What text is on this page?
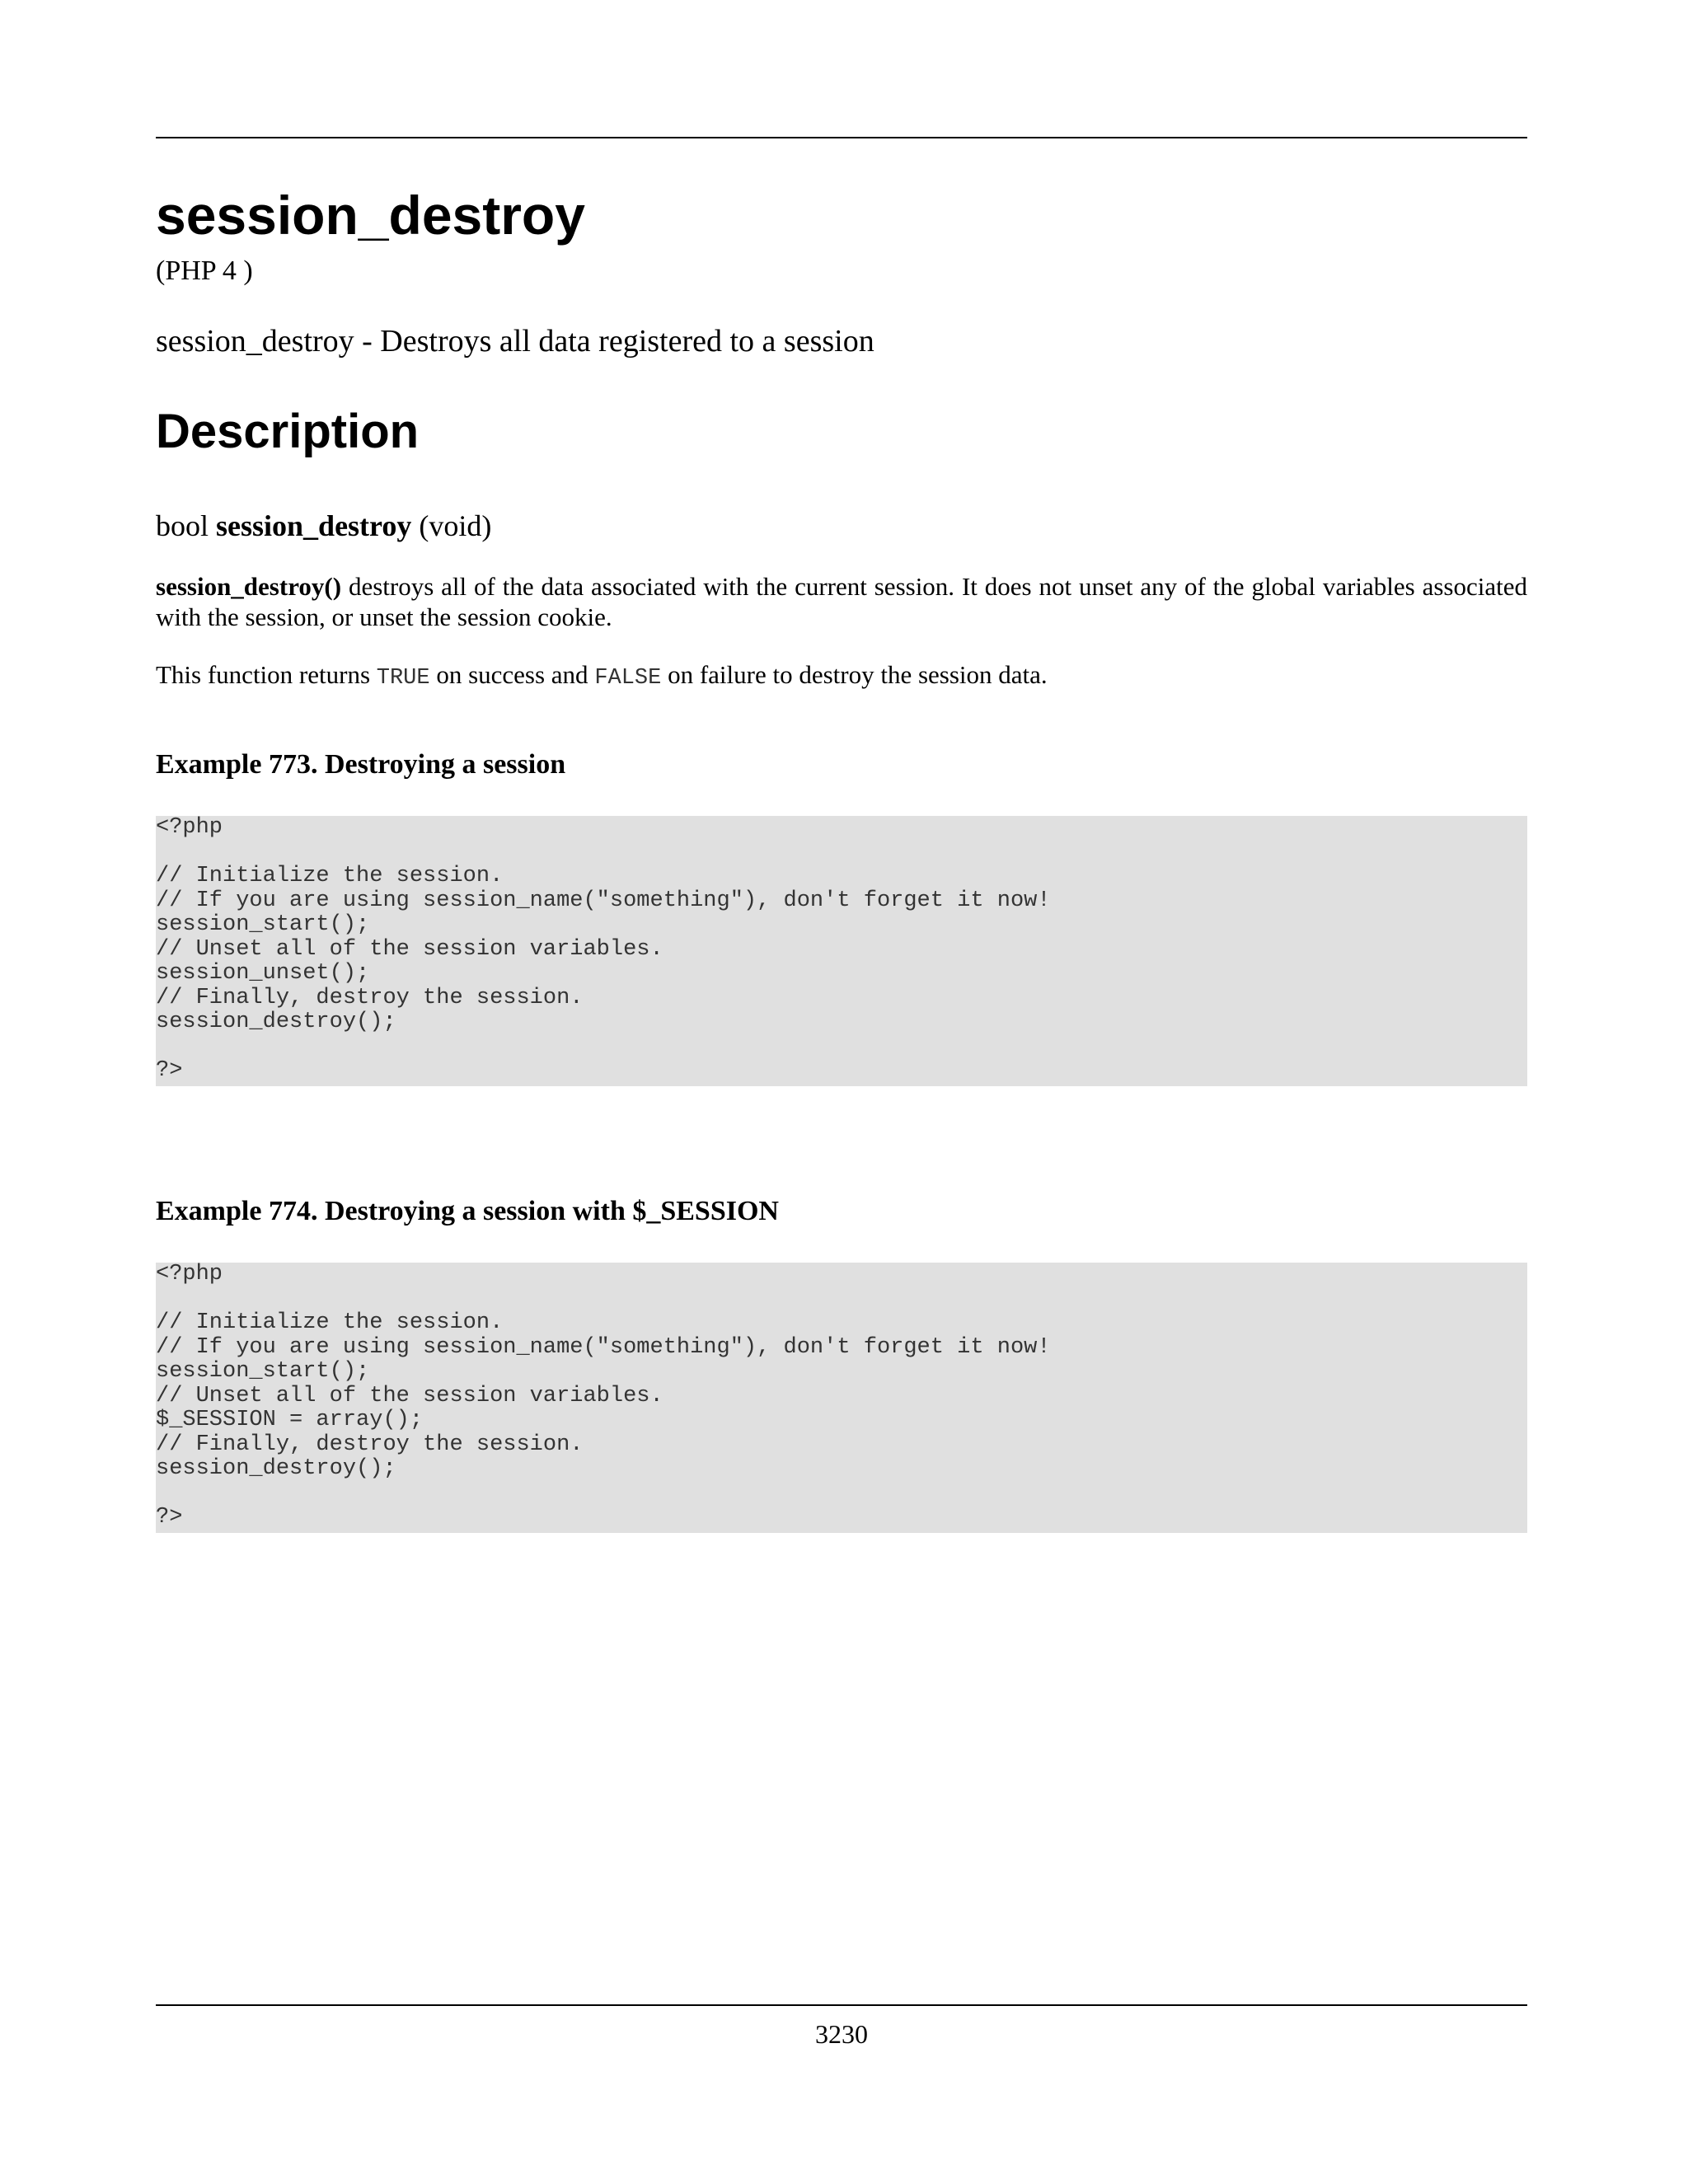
session_destroy
(PHP 4 )
session_destroy - Destroys all data registered to a session
Description
bool session_destroy (void)
session_destroy() destroys all of the data associated with the current session. It does not unset any of the global variables associated with the session, or unset the session cookie.
This function returns TRUE on success and FALSE on failure to destroy the session data.
Example 773. Destroying a session
<?php

// Initialize the session.
// If you are using session_name("something"), don't forget it now!
session_start();
// Unset all of the session variables.
session_unset();
// Finally, destroy the session.
session_destroy();

?>
Example 774. Destroying a session with $_SESSION
<?php

// Initialize the session.
// If you are using session_name("something"), don't forget it now!
session_start();
// Unset all of the session variables.
$_SESSION = array();
// Finally, destroy the session.
session_destroy();

?>
3230
